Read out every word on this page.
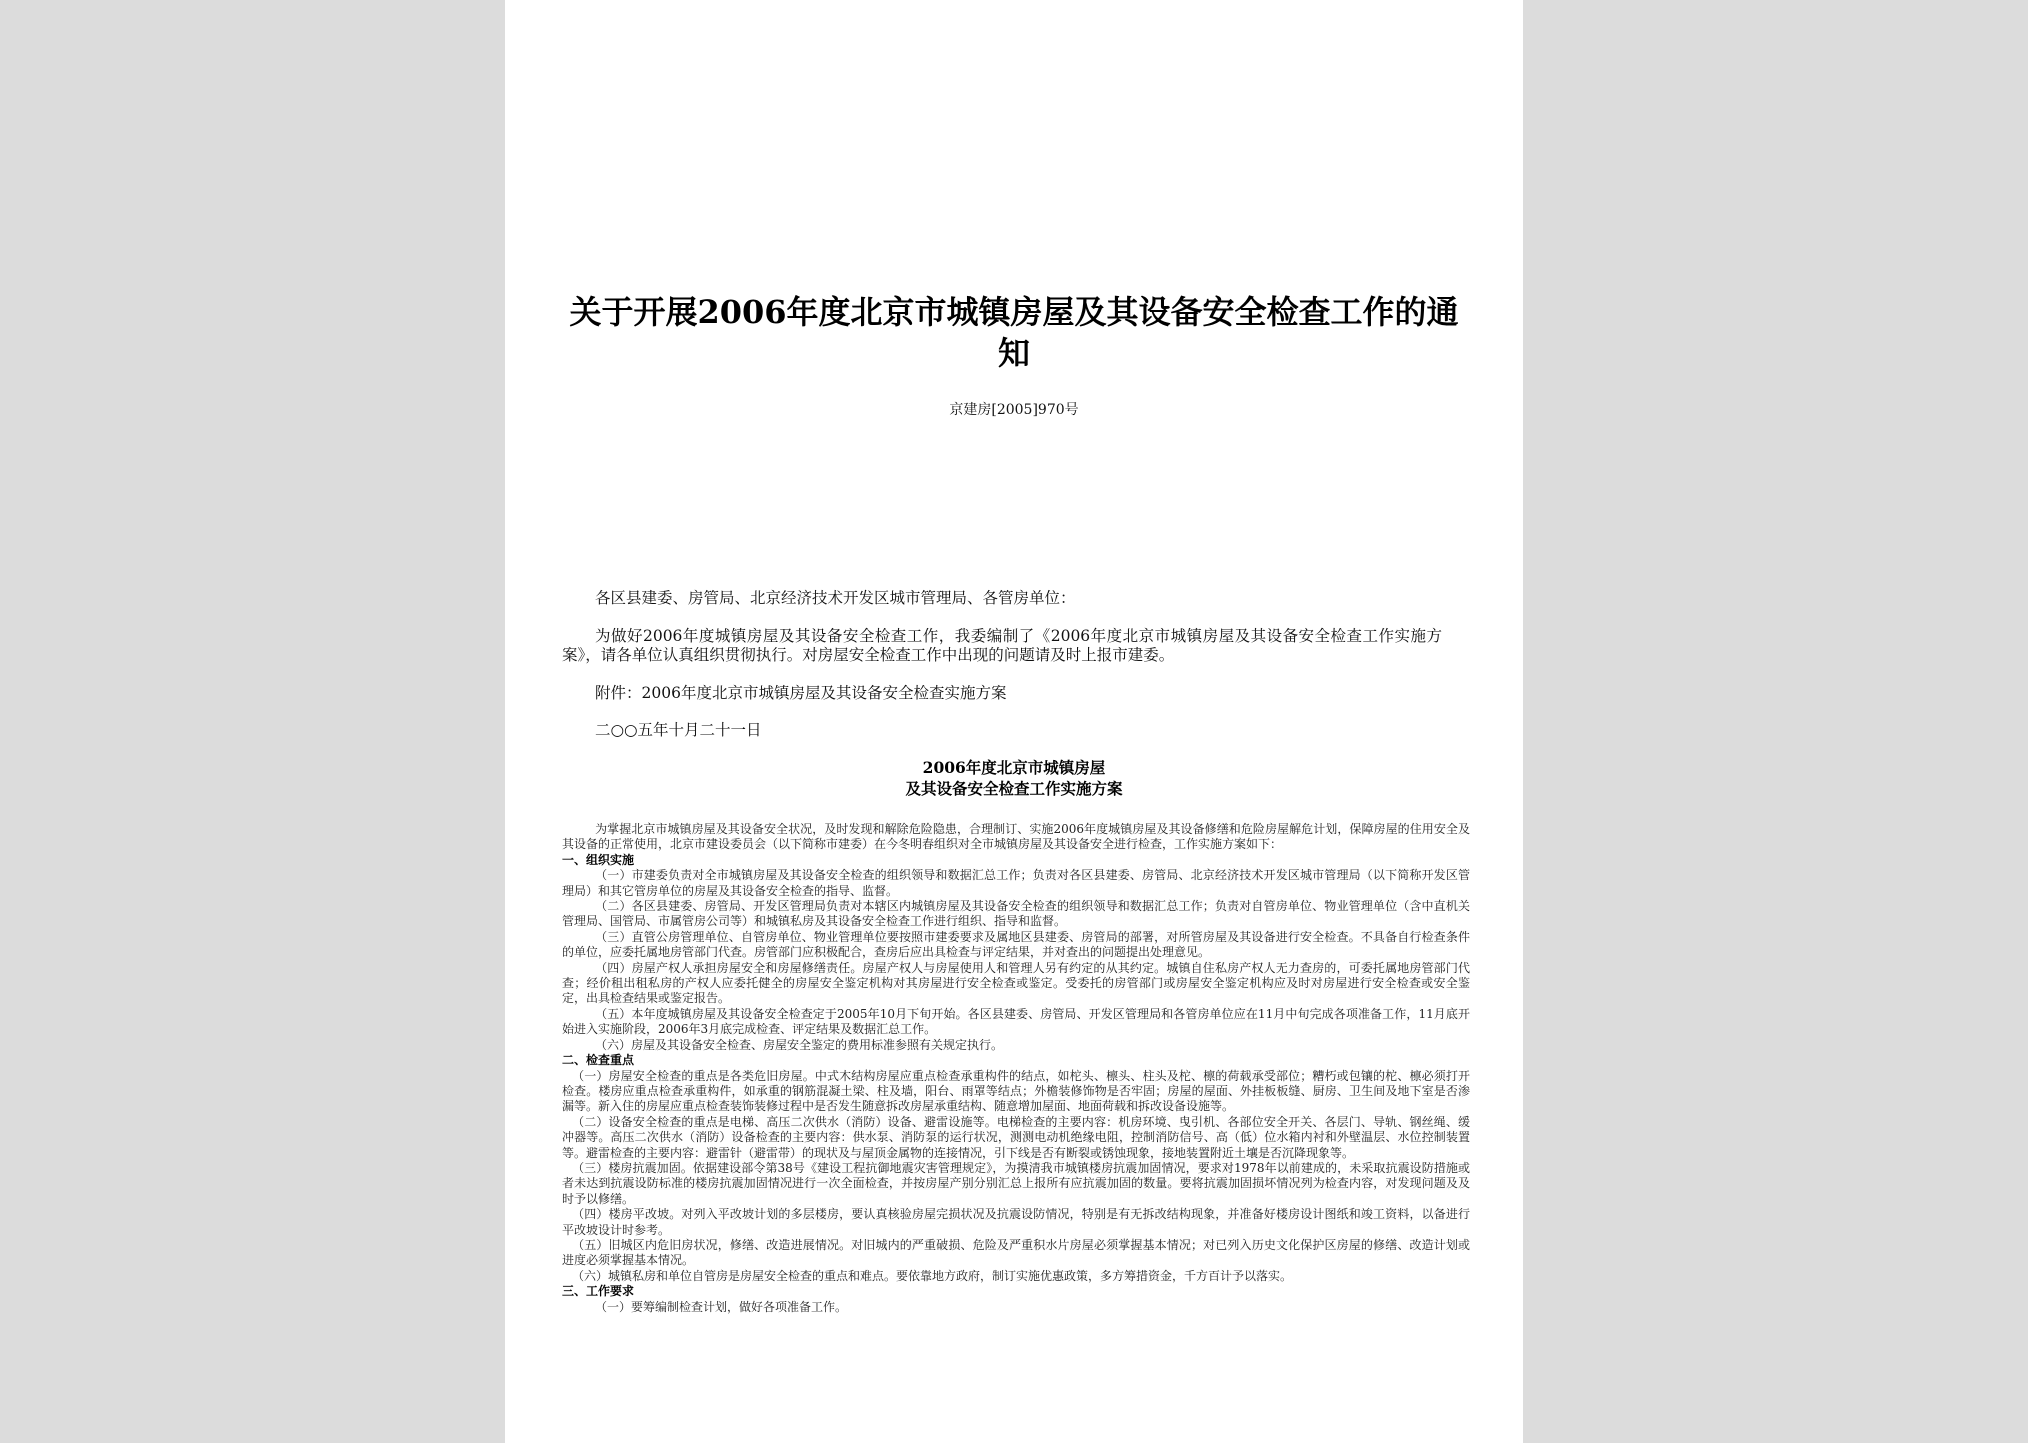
关于开展2006年度北京市城镇房屋及其设备安全检查工作的通知
京建房[2005]970号
各区县建委、房管局、北京经济技术开发区城市管理局、各管房单位：
为做好2006年度城镇房屋及其设备安全检查工作，我委编制了《2006年度北京市城镇房屋及其设备安全检查工作实施方案》，请各单位认真组织贯彻执行。对房屋安全检查工作中出现的问题请及时上报市建委。
附件：2006年度北京市城镇房屋及其设备安全检查实施方案
二○○五年十月二十一日
2006年度北京市城镇房屋
及其设备安全检查工作实施方案
为掌握北京市城镇房屋及其设备安全状况，及时发现和解除危险隐患，合理制订、实施2006年度城镇房屋及其设备修缮和危险房屋解危计划，保障房屋的住用安全及其设备的正常使用，北京市建设委员会（以下简称市建委）在今冬明春组织对全市城镇房屋及其设备安全进行检查，工作实施方案如下：
一、组织实施
（一）市建委负责对全市城镇房屋及其设备安全检查的组织领导和数据汇总工作；负责对各区县建委、房管局、北京经济技术开发区城市管理局（以下简称开发区管理局）和其它管房单位的房屋及其设备安全检查的指导、监督。
（二）各区县建委、房管局、开发区管理局负责对本辖区内城镇房屋及其设备安全检查的组织领导和数据汇总工作；负责对自管房单位、物业管理单位（含中直机关管理局、国管局、市属管房公司等）和城镇私房及其设备安全检查工作进行组织、指导和监督。
（三）直管公房管理单位、自管房单位、物业管理单位要按照市建委要求及属地区县建委、房管局的部署，对所管房屋及其设备进行安全检查。不具备自行检查条件的单位，应委托属地房管部门代查。房管部门应积极配合，查房后应出具检查与评定结果，并对查出的问题提出处理意见。
（四）房屋产权人承担房屋安全和房屋修缮责任。房屋产权人与房屋使用人和管理人另有约定的从其约定。城镇自住私房产权人无力查房的，可委托属地房管部门代查；经价租出租私房的产权人应委托健全的房屋安全鉴定机构对其房屋进行安全检查或鉴定。受委托的房管部门或房屋安全鉴定机构应及时对房屋进行安全检查或安全鉴定，出具检查结果或鉴定报告。
（五）本年度城镇房屋及其设备安全检查定于2005年10月下旬开始。各区县建委、房管局、开发区管理局和各管房单位应在11月中旬完成各项准备工作，11月底开始进入实施阶段，2006年3月底完成检查、评定结果及数据汇总工作。
（六）房屋及其设备安全检查、房屋安全鉴定的费用标准参照有关规定执行。
二、检查重点
（一）房屋安全检查的重点是各类危旧房屋。中式木结构房屋应重点检查承重构件的结点，如柁头、檩头、柱头及柁、檩的荷载承受部位；糟朽或包镶的柁、檩必须打开检查。楼房应重点检查承重构件，如承重的钢筋混凝土梁、柱及墙，阳台、雨罩等结点；外檐装修饰物是否牢固；房屋的屋面、外挂板板缝、厨房、卫生间及地下室是否渗漏等。新入住的房屋应重点检查装饰装修过程中是否发生随意拆改房屋承重结构、随意增加屋面、地面荷载和拆改设备设施等。
（二）设备安全检查的重点是电梯、高压二次供水（消防）设备、避雷设施等。电梯检查的主要内容：机房环境、曳引机、各部位安全开关、各层门、导轨、钢丝绳、缓冲器等。高压二次供水（消防）设备检查的主要内容：供水泵、消防泵的运行状况，测测电动机绝缘电阻，控制消防信号、高（低）位水箱内衬和外壁温层、水位控制装置等。避雷检查的主要内容：避雷针（避雷带）的现状及与屋顶金属物的连接情况，引下线是否有断裂或锈蚀现象，接地装置附近土壤是否沉降现象等。
（三）楼房抗震加固。依据建设部令第38号《建设工程抗御地震灾害管理规定》，为摸清我市城镇楼房抗震加固情况，要求对1978年以前建成的，未采取抗震设防措施或者未达到抗震设防标准的楼房抗震加固情况进行一次全面检查，并按房屋产别分别汇总上报所有应抗震加固的数量。要将抗震加固损坏情况列为检查内容，对发现问题及及时予以修缮。
（四）楼房平改坡。对列入平改坡计划的多层楼房，要认真核验房屋完损状况及抗震设防情况，特别是有无拆改结构现象，并准备好楼房设计图纸和竣工资料，以备进行平改坡设计时参考。
（五）旧城区内危旧房状况，修缮、改造进展情况。对旧城内的严重破损、危险及严重积水片房屋必须掌握基本情况；对已列入历史文化保护区房屋的修缮、改造计划或进度必须掌握基本情况。
（六）城镇私房和单位自管房是房屋安全检查的重点和难点。要依靠地方政府，制订实施优惠政策，多方筹措资金，千方百计予以落实。
三、工作要求
（一）要筹编制检查计划，做好各项准备工作。
